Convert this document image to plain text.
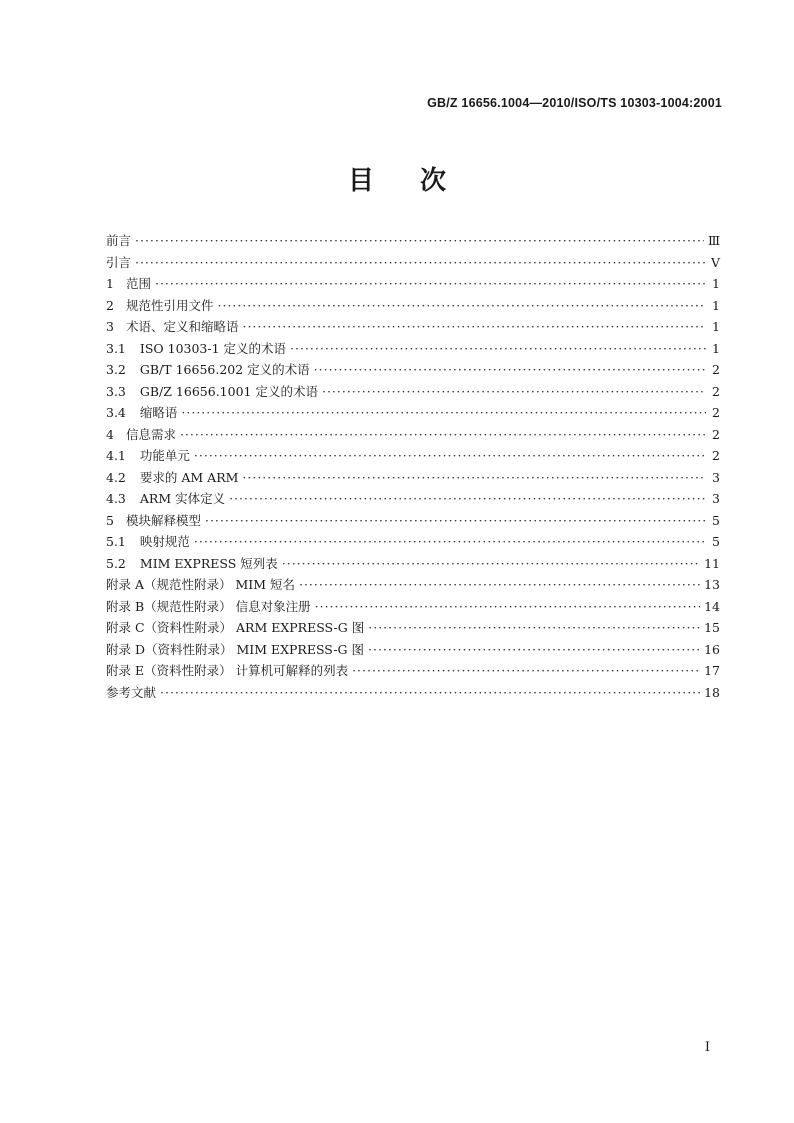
GB/Z 16656.1004—2010/ISO/TS 10303-1004:2001
目次
前言 ·····	Ⅲ
引言 ·····	V
1 范围 ·····	1
2 规范性引用文件 ·····	1
3 术语、定义和缩略语 ·····	1
3.1 ISO 10303-1 定义的术语 ·····	1
3.2 GB/T 16656.202 定义的术语 ·····	2
3.3 GB/Z 16656.1001 定义的术语 ·····	2
3.4 缩略语 ·····	2
4 信息需求 ·····	2
4.1 功能单元 ·····	2
4.2 要求的 AM ARM ·····	3
4.3 ARM 实体定义 ·····	3
5 模块解释模型 ·····	5
5.1 映射规范 ·····	5
5.2 MIM EXPRESS 短列表 ·····	11
附录 A（规范性附录） MIM 短名 ·····	13
附录 B（规范性附录） 信息对象注册 ·····	14
附录 C（资料性附录） ARM EXPRESS-G 图 ·····	15
附录 D（资料性附录） MIM EXPRESS-G 图 ·····	16
附录 E（资料性附录） 计算机可解释的列表 ·····	17
参考文献 ·····	18
I
